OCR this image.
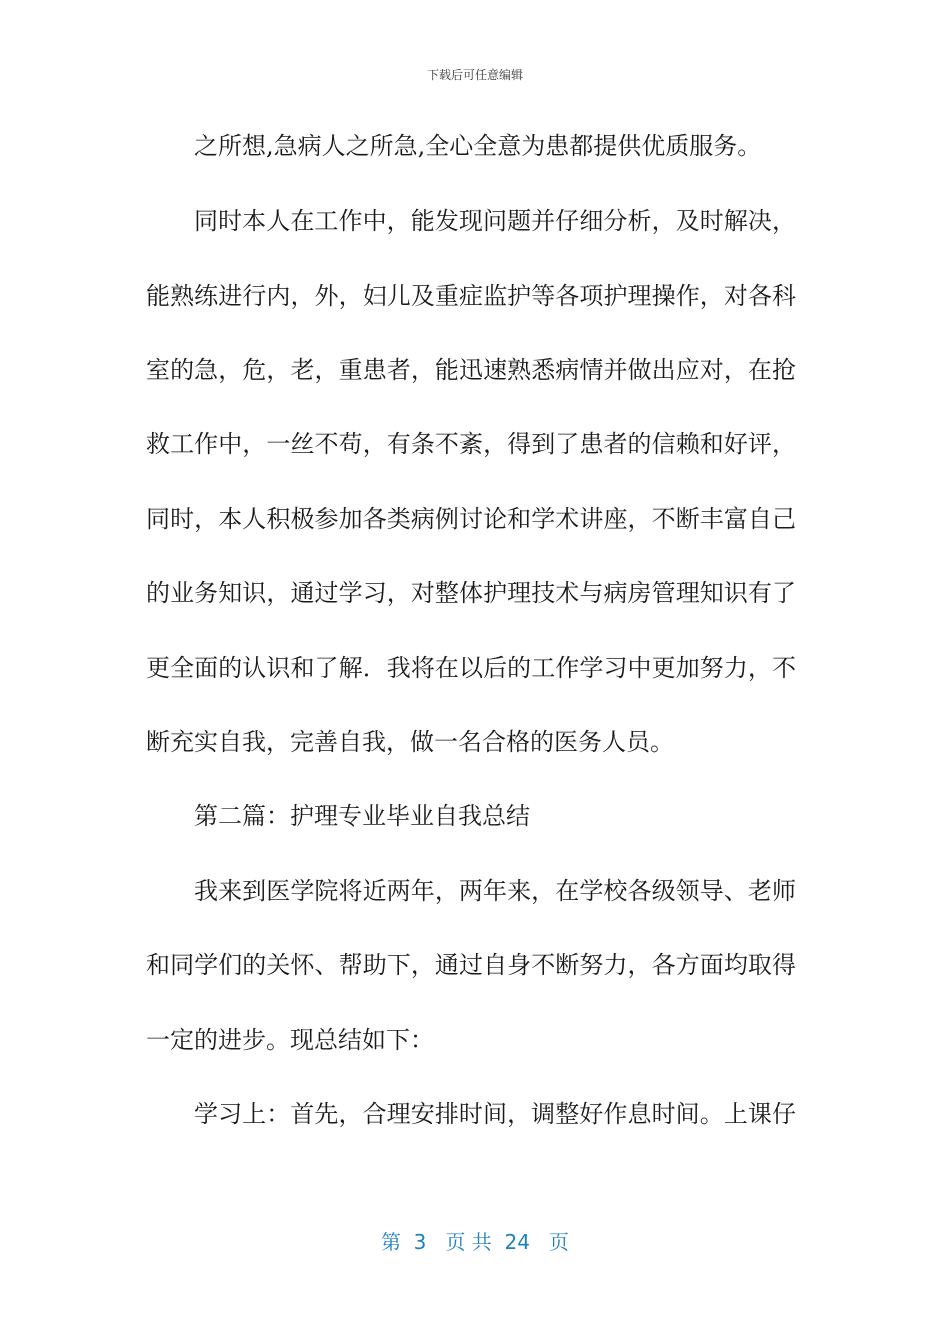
下载后可任意编辑
之所想,急病人之所急,全心全意为患都提供优质服务。
同时本人在工作中，能发现问题并仔细分析，及时解决，
能熟练进行内，外，妇儿及重症监护等各项护理操作，对各科
室的急，危，老，重患者，能迅速熟悉病情并做出应对，在抢
救工作中，一丝不苟，有条不紊，得到了患者的信赖和好评，
同时，本人积极参加各类病例讨论和学术讲座，不断丰富自己
的业务知识，通过学习，对整体护理技术与病房管理知识有了
更全面的认识和了解．我将在以后的工作学习中更加努力，不
断充实自我，完善自我，做一名合格的医务人员。
第二篇：护理专业毕业自我总结
我来到医学院将近两年，两年来，在学校各级领导、老师
和同学们的关怀、帮助下，通过自身不断努力，各方面均取得
一定的进步。现总结如下：
学习上：首先，合理安排时间，调整好作息时间。上课仔
第  3   页 共  24   页
